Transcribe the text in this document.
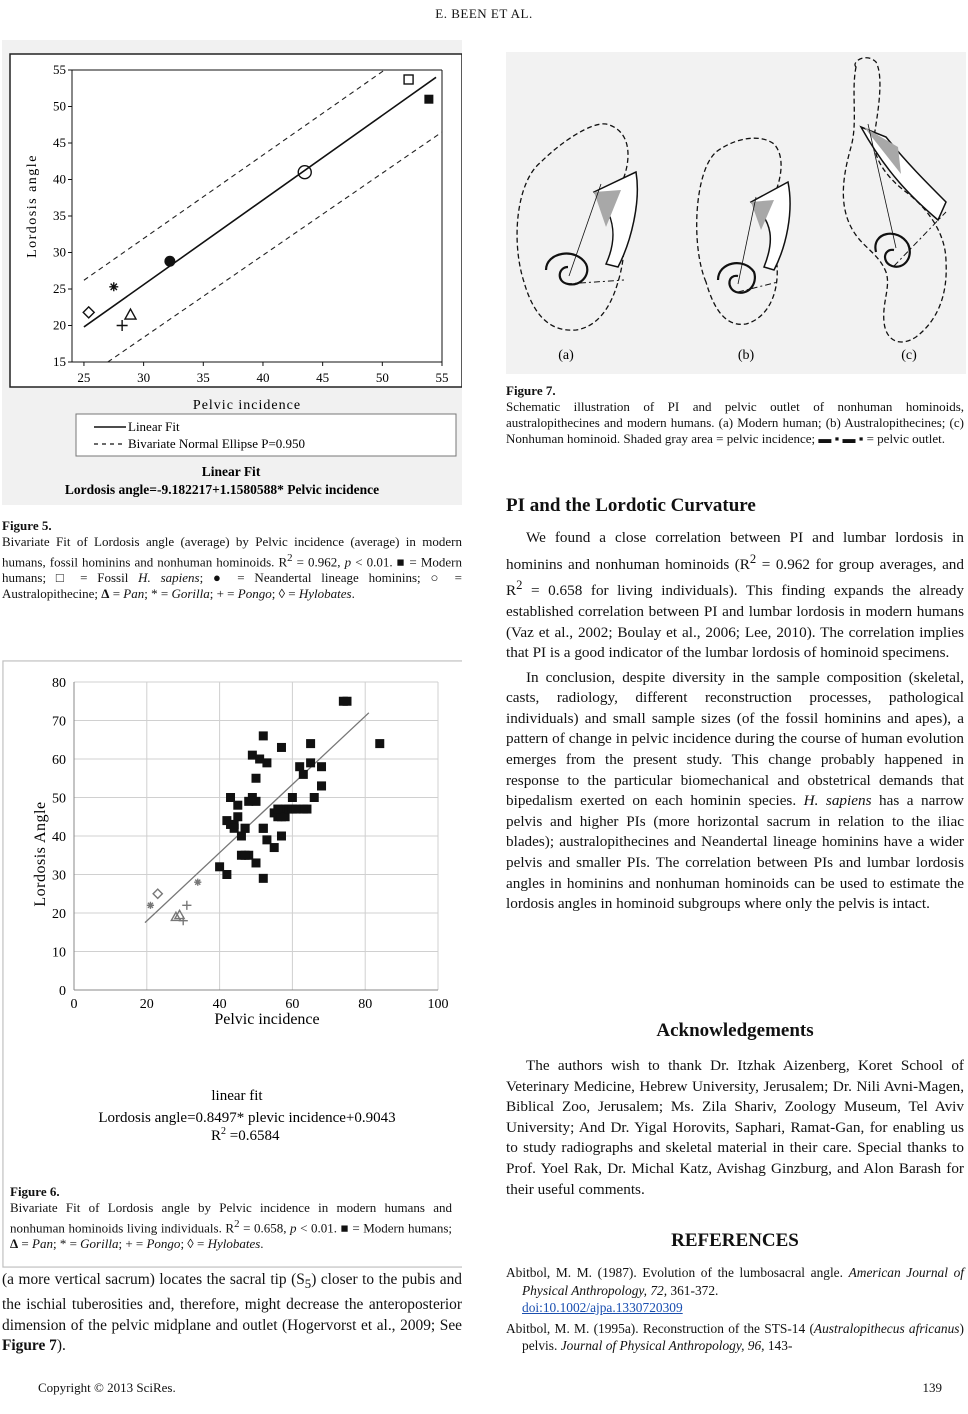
E. BEEN ET AL.
25	30	35	40	45	50	55
15
20
25
30
35
40
45
50
55
Pelvic incidence
Lordosis angle
Linear Fit
Bivariate Normal Ellipse P=0.950
Linear Fit
Lordosis angle=-9.182217+1.1580588* Pelvic incidence
Figure 5.
Bivariate Fit of Lordosis angle (average) by Pelvic incidence (average) in modern humans, fossil hominins and nonhuman hominoids. $R^2 = 0.962$, p < 0.01. ■ = Modern humans; □ = Fossil H. sapiens; ● = Neandertal lineage hominins; ○ = Australopithecine; Δ = Pan; * = Gorilla; + = Pongo; ◊ = Hylobates.
0	20	40	60	80	100
0
10
20
30
40
50
60
70
80
Pelvic incidence
Lordosis Angle
linear fit
Lordosis angle=0.8497* plevic incidence+0.9043
$R^2 =0.6584$
Figure 6.
Bivariate Fit of Lordosis angle by Pelvic incidence in modern humans and nonhuman hominoids living individuals. $R^2 = 0.658$, p < 0.01. ■ = Modern humans; Δ = Pan; * = Gorilla; + = Pongo; ◊ = Hylobates.

(a more vertical sacrum) locates the sacral tip $(S_5)$ closer to the pubis and the ischial tuberosities and, therefore, might decrease the anteroposterior dimension of the pelvic midplane and outlet (Hogervorst et al., 2009; See Figure 7).

(a)	(b)	(c)
Figure 7.
Schematic illustration of PI and pelvic outlet of nonhuman hominoids, australopithecines and modern humans. (a) Modern human; (b) Australopithecines; (c) Nonhuman hominoid. Shaded gray area = pelvic incidence; ▬ ▪ ▬ ▪ = pelvic outlet.
PI and the Lordotic Curvature

We found a close correlation between PI and lumbar lordosis in hominins and nonhuman hominoids ($R^2 = 0.962$ for group averages, and $R^2 = 0.658$ for living individuals). This finding expands the already established correlation between PI and lumbar lordosis in modern humans (Vaz et al., 2002; Boulay et al., 2006; Lee, 2010). The correlation implies that PI is a good indicator of the lumbar lordosis of hominoid specimens.

In conclusion, despite diversity in the sample composition (skeletal, casts, radiology, different reconstruction processes, pathological individuals) and small sample sizes (of the fossil hominins and apes), a pattern of change in pelvic incidence during the course of human evolution emerges from the present study. This change probably happened in response to the particular biomechanical and obstetrical demands that bipedalism exerted on each hominin species. H. sapiens has a narrow pelvis and higher PIs (more horizontal sacrum in relation to the iliac blades); australopithecines and Neandertal lineage hominins have a wider pelvis and smaller PIs. The correlation between PIs and lumbar lordosis angles in hominins and nonhuman hominoids can be used to estimate the lordosis angles in hominoid subgroups where only the pelvis is intact.

Acknowledgements

The authors wish to thank Dr. Itzhak Aizenberg, Koret School of Veterinary Medicine, Hebrew University, Jerusalem; Dr. Nili Avni-Magen, Biblical Zoo, Jerusalem; Ms. Zila Shariv, Zoology Museum, Tel Aviv University; And Dr. Yigal Horovits, Saphari, Ramat-Gan, for enabling us to study radiographs and skeletal material in their care. Special thanks to Prof. Yoel Rak, Dr. Michal Katz, Avishag Ginzburg, and Alon Barash for their useful comments.

REFERENCES

Abitbol, M. M. (1987). Evolution of the lumbosacral angle. American Journal of Physical Anthropology, 72, 361-372.
doi:10.1002/ajpa.1330720309

Abitbol, M. M. (1995a). Reconstruction of the STS-14 (Australopithecus africanus) pelvis. Journal of Physical Anthropology, 96, 143-

Copyright © 2013 SciRes.	139
